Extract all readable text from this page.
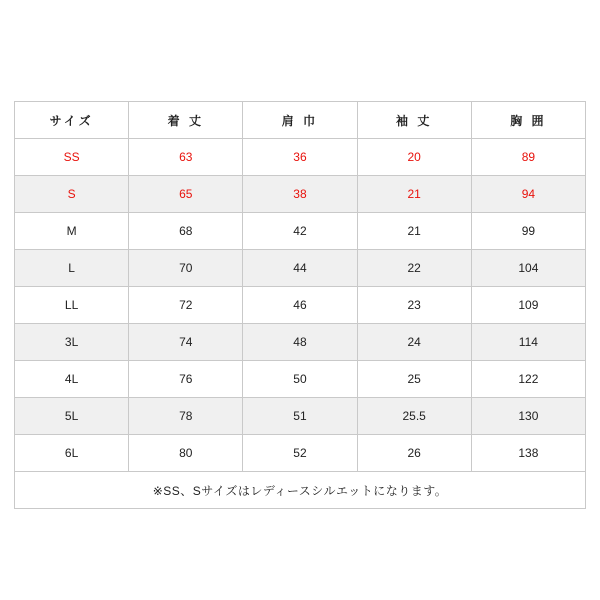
サイズ	着 丈	肩 巾	袖 丈	胸 囲
SS	63	36	20	89
S	65	38	21	94
M	68	42	21	99
L	70	44	22	104
LL	72	46	23	109
3L	74	48	24	114
4L	76	50	25	122
5L	78	51	25.5	130
6L	80	52	26	138
※SS、Sサイズはレディースシルエットになります。				
